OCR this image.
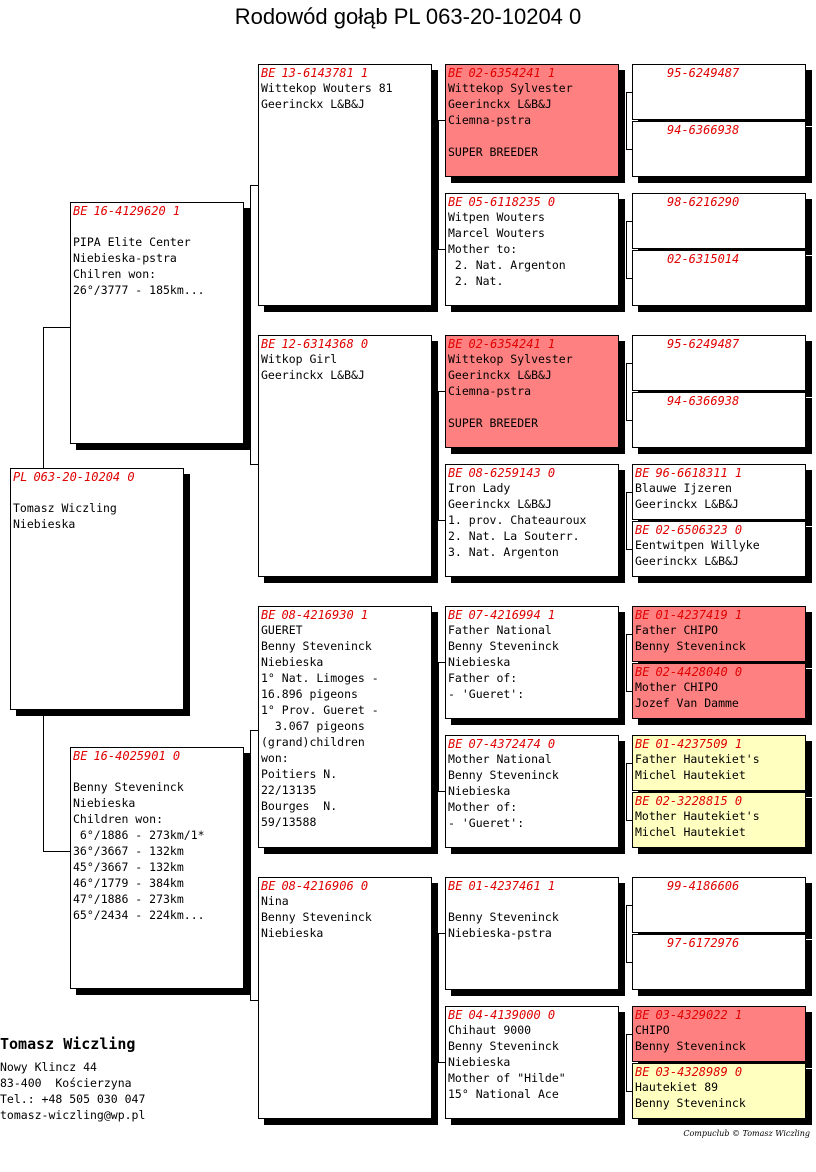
Rodowód gołąb PL 063-20-10204 0
PL 063-20-10204 0
Tomasz Wiczling
Niebieska
BE 16-4129620 1
PIPA Elite Center
Niebieska-pstra
Chilren won:
26°/3777 - 185km...
BE 16-4025901 0
Benny Steveninck
Niebieska
Children won:
6°/1886 - 273km/1*
36°/3667 - 132km
45°/3667 - 132km
46°/1779 - 384km
47°/1886 - 273km
65°/2434 - 224km...
BE 13-6143781 1
Wittekop Wouters 81
Geerinckx L&B&J
BE 12-6314368 0
Witkop Girl
Geerinckx L&B&J
BE 08-4216930 1
GUERET
Benny Steveninck
Niebieska
1° Nat. Limoges -
16.896 pigeons
1° Prov. Gueret -
3.067 pigeons
(grand)children
won:
Poitiers N.
22/13135
Bourges  N.
59/13588
BE 08-4216906 0
Nina
Benny Steveninck
Niebieska
BE 02-6354241 1
Wittekop Sylvester
Geerinckx L&B&J
Ciemna-pstra
SUPER BREEDER
BE 05-6118235 0
Witpen Wouters
Marcel Wouters
Mother to:
2. Nat. Argenton
2. Nat.
BE 02-6354241 1
Wittekop Sylvester
Geerinckx L&B&J
Ciemna-pstra
SUPER BREEDER
BE 08-6259143 0
Iron Lady
Geerinckx L&B&J
1. prov. Chateauroux
2. Nat. La Souterr.
3. Nat. Argenton
BE 07-4216994 1
Father National
Benny Steveninck
Niebieska
Father of:
- 'Gueret':
BE 07-4372474 0
Mother National
Benny Steveninck
Niebieska
Mother of:
- 'Gueret':
BE 01-4237461 1
Benny Steveninck
Niebieska-pstra
BE 04-4139000 0
Chihaut 9000
Benny Steveninck
Niebieska
Mother of "Hilde"
15° National Ace
95-6249487
94-6366938
98-6216290
02-6315014
95-6249487
94-6366938
BE 96-6618311 1
Blauwe Ijzeren
Geerinckx L&B&J
BE 02-6506323 0
Eentwitpen Willyke
Geerinckx L&B&J
BE 01-4237419 1
Father CHIPO
Benny Steveninck
BE 02-4428040 0
Mother CHIPO
Jozef Van Damme
BE 01-4237509 1
Father Hautekiet's
Michel Hautekiet
BE 02-3228815 0
Mother Hautekiet's
Michel Hautekiet
99-4186606
97-6172976
BE 03-4329022 1
CHIPO
Benny Steveninck
BE 03-4328989 0
Hautekiet 89
Benny Steveninck
Tomasz Wiczling
Nowy Klincz 44
83-400  Kościerzyna
Tel.: +48 505 030 047
tomasz-wiczling@wp.pl
Compuclub © Tomasz Wiczling
